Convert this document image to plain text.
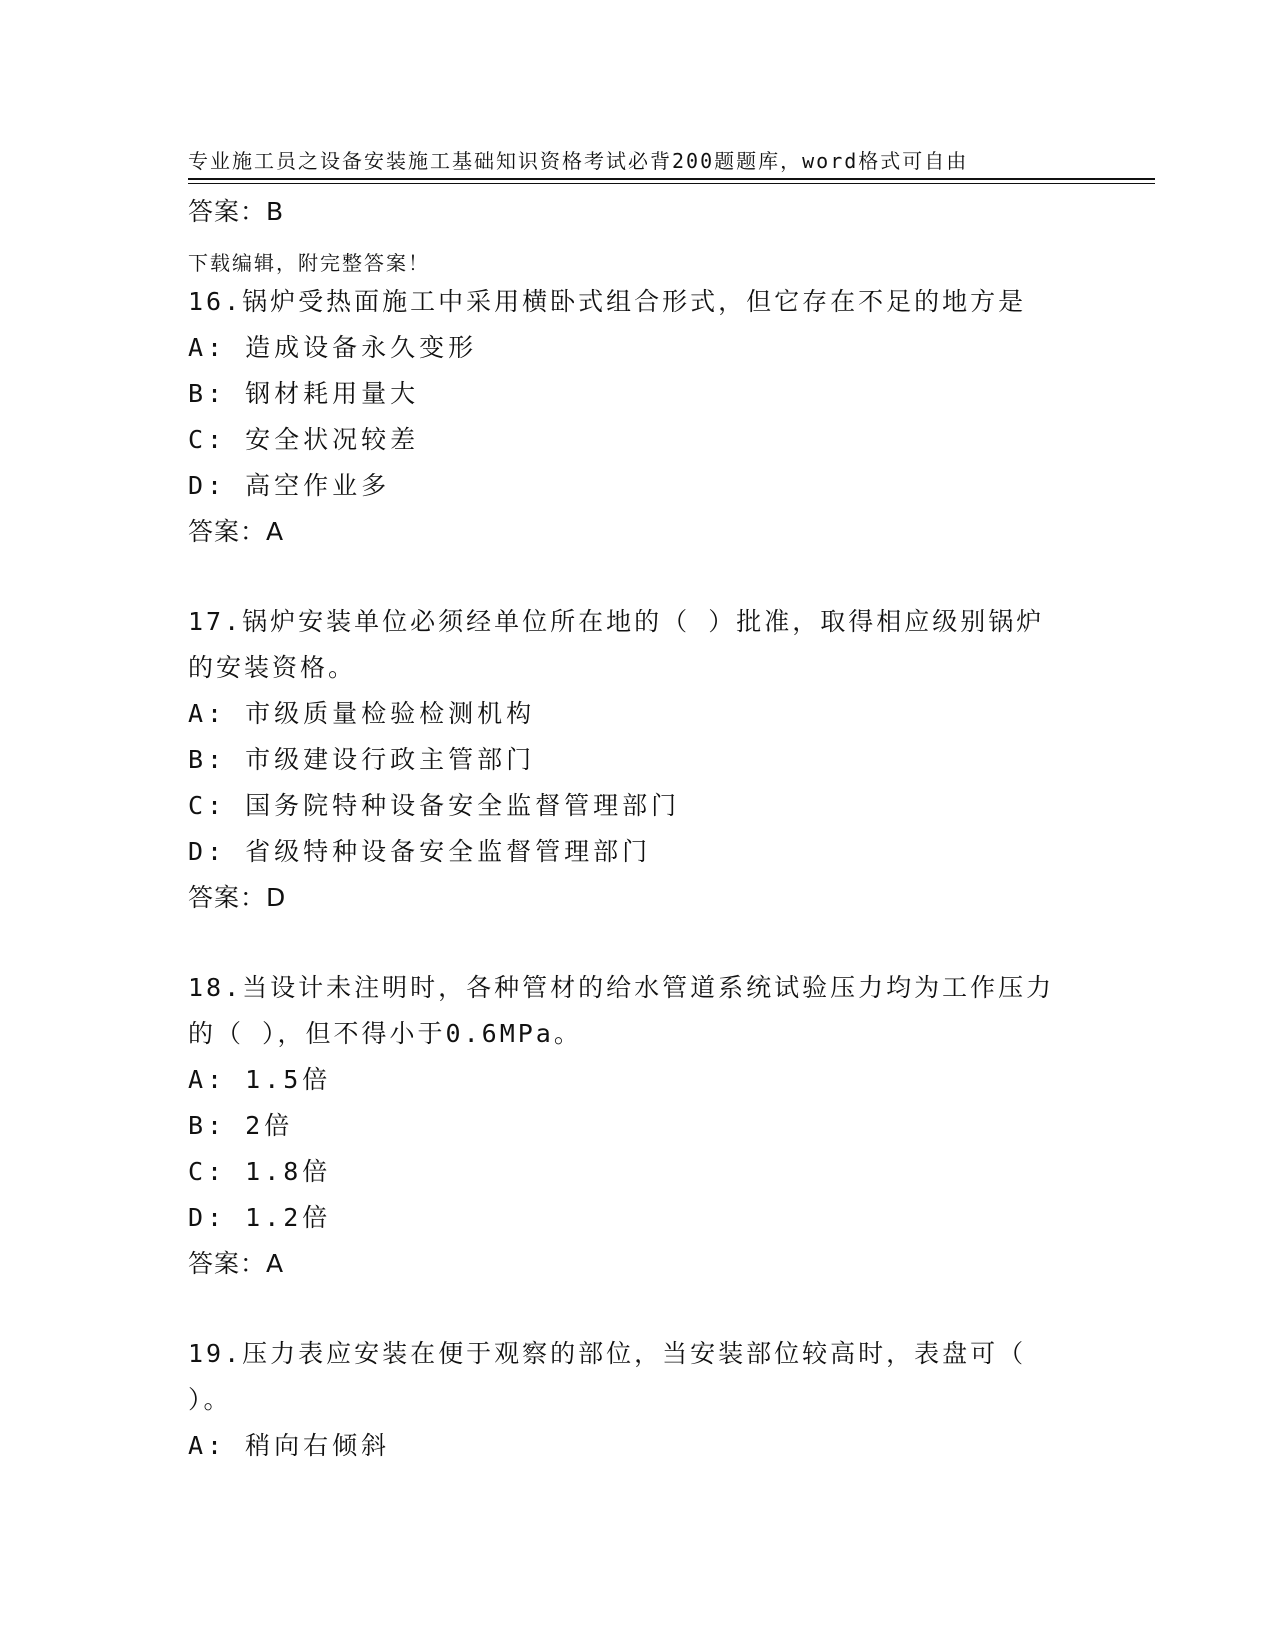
专业施工员之设备安装施工基础知识资格考试必背200题题库，word格式可自由

下载编辑，附完整答案！

答案：B
16.锅炉受热面施工中采用横卧式组合形式，但它存在不足的地方是
A: 造成设备永久变形
B: 钢材耗用量大
C: 安全状况较差
D: 高空作业多
答案：A
17.锅炉安装单位必须经单位所在地的（ ）批准，取得相应级别锅炉
的安装资格。
A: 市级质量检验检测机构
B: 市级建设行政主管部门
C: 国务院特种设备安全监督管理部门
D: 省级特种设备安全监督管理部门
答案：D
18.当设计未注明时，各种管材的给水管道系统试验压力均为工作压力
的（ ），但不得小于0.6MPa。
A: 1.5倍
B: 2倍
C: 1.8倍
D: 1.2倍
答案：A
19.压力表应安装在便于观察的部位，当安装部位较高时，表盘可（
）。
A: 稍向右倾斜
